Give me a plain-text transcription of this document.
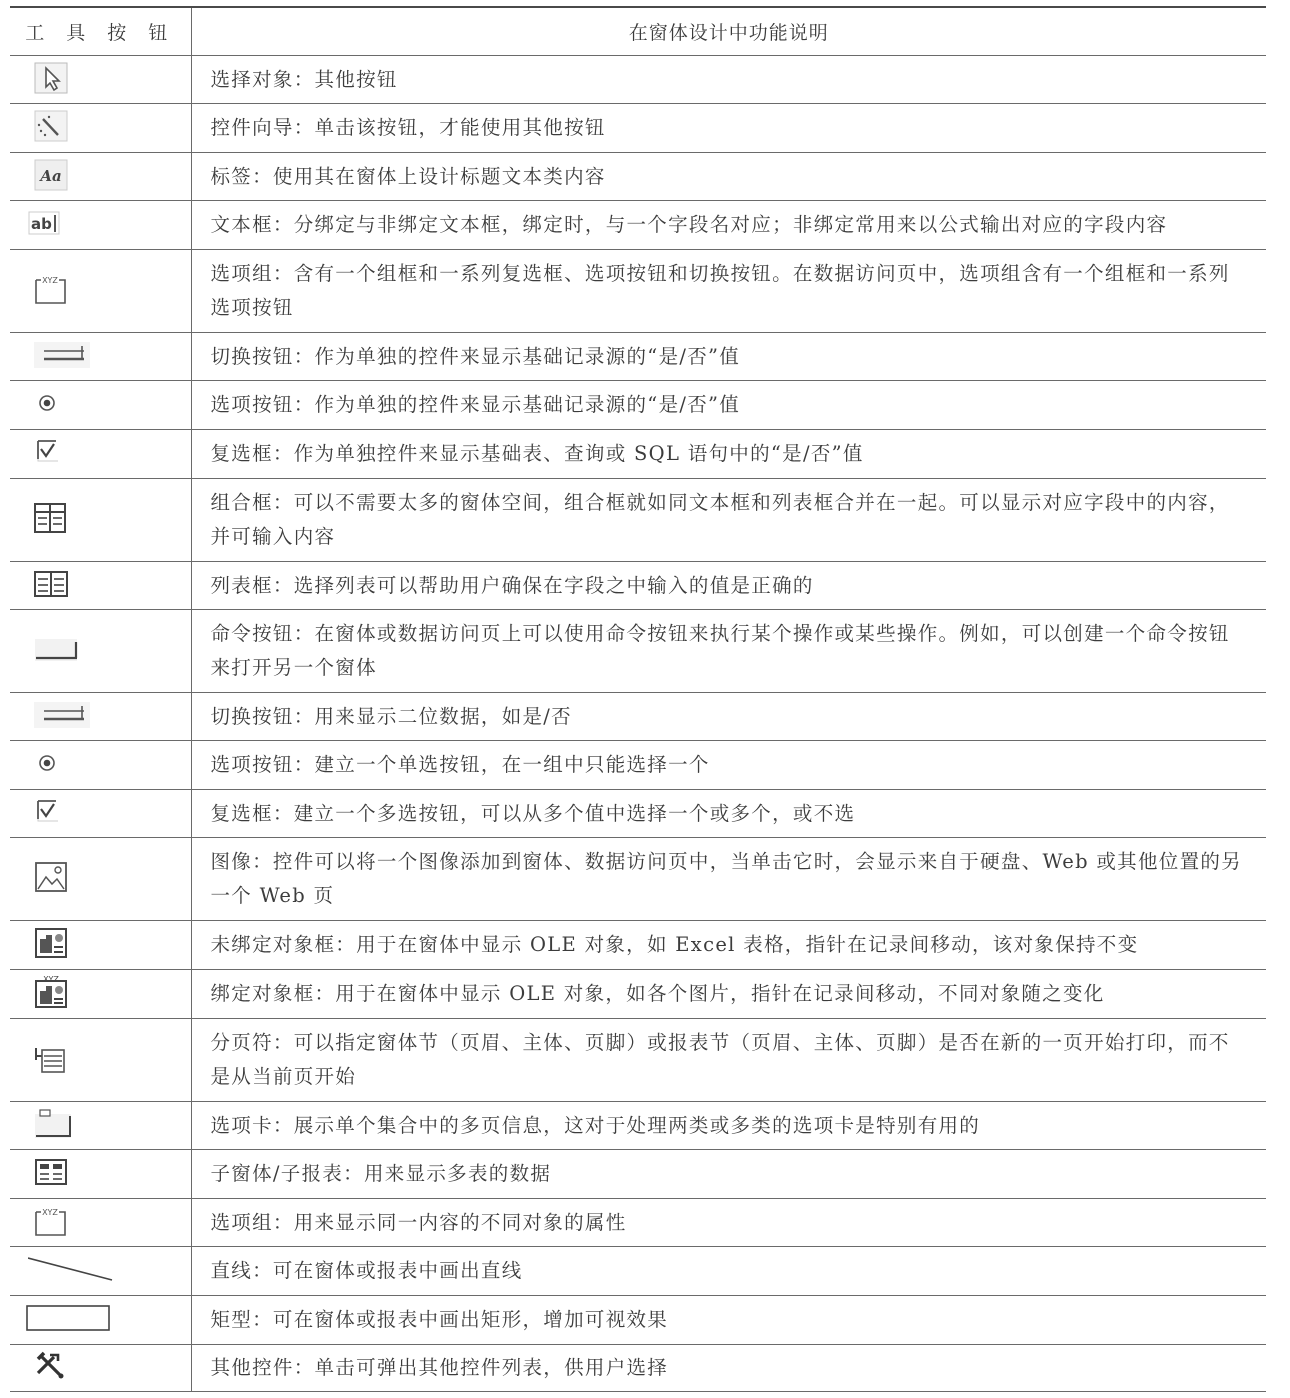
工 具 按 钮	在窗体设计中功能说明

	选择对象：其他按钮

	控件向导：单击该按钮，才能使用其他按钮

Aa	标签：使用其在窗体上设计标题文本类内容

ab	文本框：分绑定与非绑定文本框，绑定时，与一个字段名对应；非绑定常用来以公式输出对应的字段内容

XYZ	选项组：含有一个组框和一系列复选框、选项按钮和切换按钮。在数据访问页中，选项组含有一个组框和一系列选项按钮

	切换按钮：作为单独的控件来显示基础记录源的“是/否”值

	选项按钮：作为单独的控件来显示基础记录源的“是/否”值

	复选框：作为单独控件来显示基础表、查询或 SQL 语句中的“是/否”值

	组合框：可以不需要太多的窗体空间，组合框就如同文本框和列表框合并在一起。可以显示对应字段中的内容，并可输入内容

	列表框：选择列表可以帮助用户确保在字段之中输入的值是正确的

	命令按钮：在窗体或数据访问页上可以使用命令按钮来执行某个操作或某些操作。例如，可以创建一个命令按钮来打开另一个窗体

	切换按钮：用来显示二位数据，如是/否

	选项按钮：建立一个单选按钮，在一组中只能选择一个

	复选框：建立一个多选按钮，可以从多个值中选择一个或多个，或不选

	图像：控件可以将一个图像添加到窗体、数据访问页中，当单击它时，会显示来自于硬盘、Web 或其他位置的另一个 Web 页

	未绑定对象框：用于在窗体中显示 OLE 对象，如 Excel 表格，指针在记录间移动，该对象保持不变

XYZ	绑定对象框：用于在窗体中显示 OLE 对象，如各个图片，指针在记录间移动，不同对象随之变化

	分页符：可以指定窗体节（页眉、主体、页脚）或报表节（页眉、主体、页脚）是否在新的一页开始打印，而不是从当前页开始

	选项卡：展示单个集合中的多页信息，这对于处理两类或多类的选项卡是特别有用的

	子窗体/子报表：用来显示多表的数据

XYZ	选项组：用来显示同一内容的不同对象的属性

	直线：可在窗体或报表中画出直线

	矩型：可在窗体或报表中画出矩形，增加可视效果

	其他控件：单击可弹出其他控件列表，供用户选择
